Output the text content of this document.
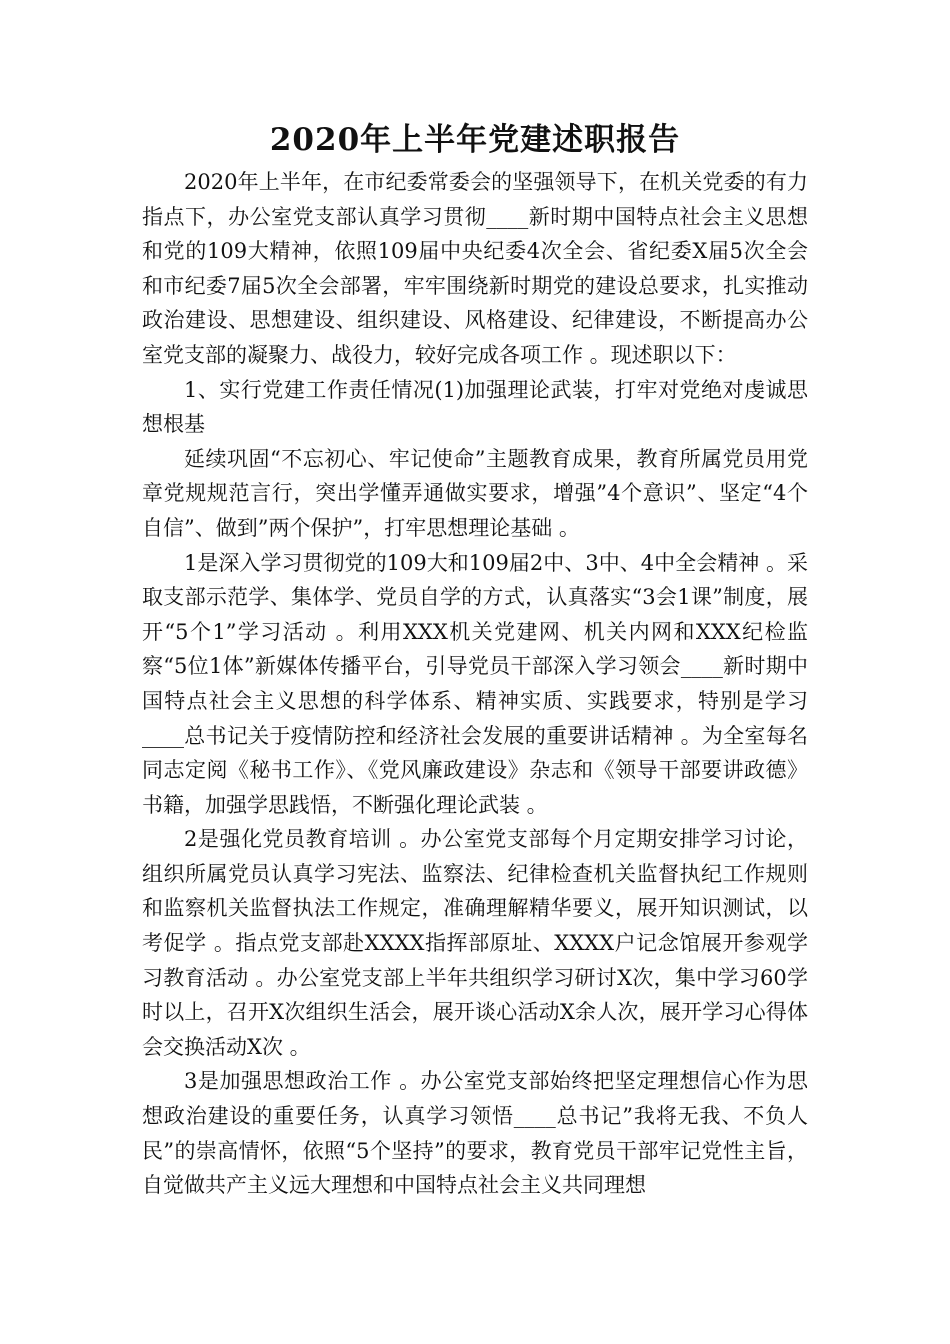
2020年上半年党建述职报告

2020年上半年，在市纪委常委会的坚强领导下，在机关党委的有力指点下，办公室党支部认真学习贯彻____新时期中国特点社会主义思想和党的109大精神，依照109届中央纪委4次全会、省纪委X届5次全会和市纪委7届5次全会部署，牢牢围绕新时期党的建设总要求，扎实推动政治建设、思想建设、组织建设、风格建设、纪律建设，不断提高办公室党支部的凝聚力、战役力，较好完成各项工作 。现述职以下：

1、实行党建工作责任情况(1)加强理论武装，打牢对党绝对虔诚思想根基

延续巩固“不忘初心、牢记使命”主题教育成果，教育所属党员用党章党规规范言行，突出学懂弄通做实要求，增强”4个意识”、坚定“4个自信”、做到”两个保护”，打牢思想理论基础 。

1是深入学习贯彻党的109大和109届2中、3中、4中全会精神 。采取支部示范学、集体学、党员自学的方式，认真落实“3会1课”制度，展开“5个1”学习活动 。利用XXX机关党建网、机关内网和XXX纪检监察“5位1体”新媒体传播平台，引导党员干部深入学习领会____新时期中国特点社会主义思想的科学体系、精神实质、实践要求，特别是学习____总书记关于疫情防控和经济社会发展的重要讲话精神 。为全室每名同志定阅《秘书工作》、《党风廉政建设》杂志和《领导干部要讲政德》书籍，加强学思践悟，不断强化理论武装 。

2是强化党员教育培训 。办公室党支部每个月定期安排学习讨论，组织所属党员认真学习宪法、监察法、纪律检查机关监督执纪工作规则和监察机关监督执法工作规定，准确理解精华要义，展开知识测试，以考促学 。指点党支部赴XXXX指挥部原址、XXXX户记念馆展开参观学习教育活动 。办公室党支部上半年共组织学习研讨X次，集中学习60学时以上，召开X次组织生活会，展开谈心活动X余人次，展开学习心得体会交换活动X次 。

3是加强思想政治工作 。办公室党支部始终把坚定理想信心作为思想政治建设的重要任务，认真学习领悟____总书记”我将无我、不负人民”的崇高情怀，依照“5个坚持”的要求，教育党员干部牢记党性主旨，自觉做共产主义远大理想和中国特点社会主义共同理想
